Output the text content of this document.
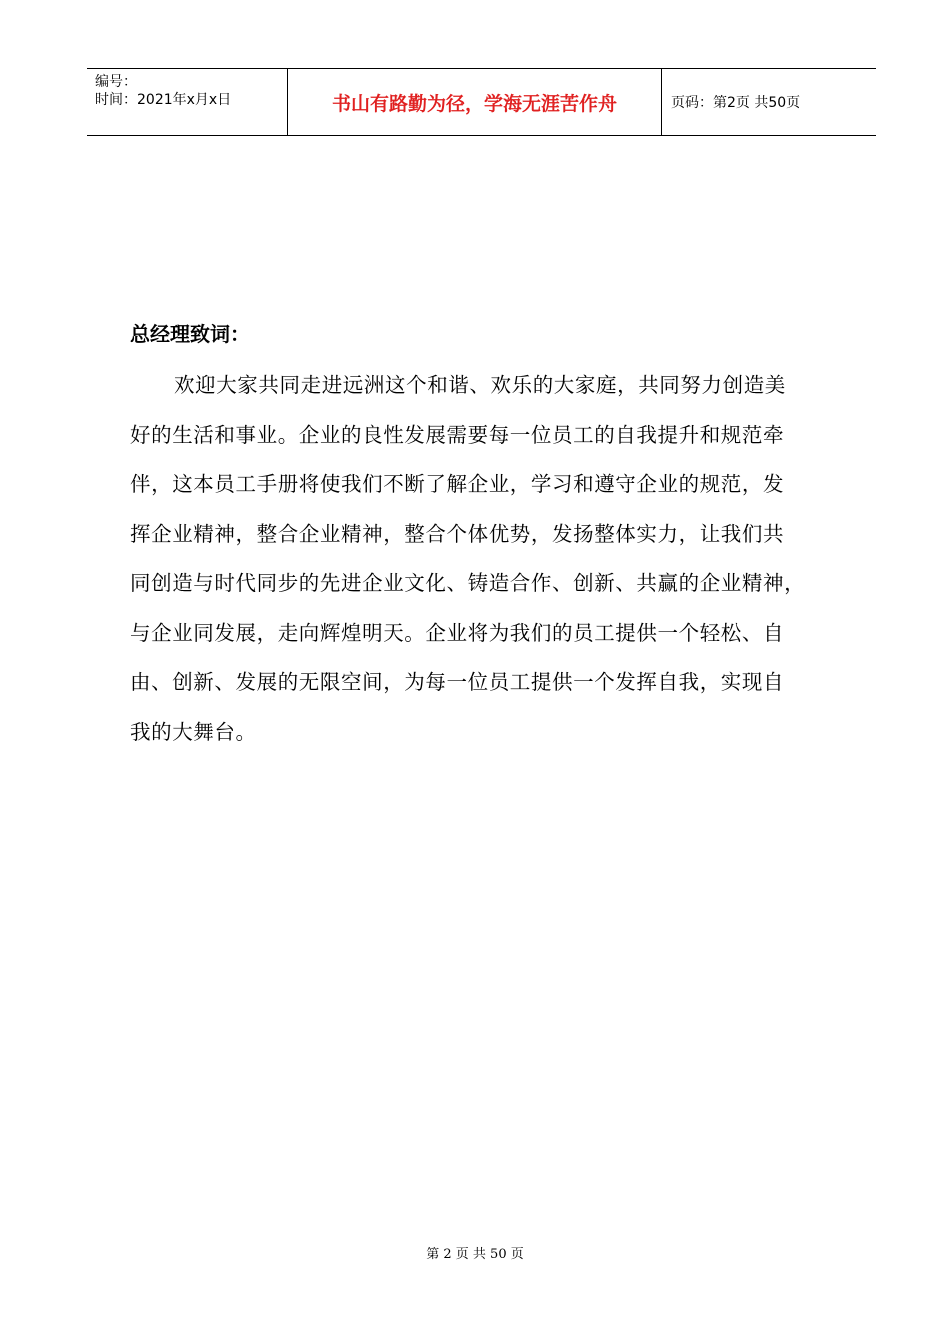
编号：
时间：2021年x月x日	书山有路勤为径，学海无涯苦作舟	页码：第2页 共50页
总经理致词：
欢迎大家共同走进远洲这个和谐、欢乐的大家庭，共同努力创造美
好的生活和事业。企业的良性发展需要每一位员工的自我提升和规范牵
伴，这本员工手册将使我们不断了解企业，学习和遵守企业的规范，发
挥企业精神，整合企业精神，整合个体优势，发扬整体实力，让我们共
同创造与时代同步的先进企业文化、铸造合作、创新、共赢的企业精神，
与企业同发展，走向辉煌明天。企业将为我们的员工提供一个轻松、自
由、创新、发展的无限空间，为每一位员工提供一个发挥自我，实现自
我的大舞台。
第 2 页 共 50 页
